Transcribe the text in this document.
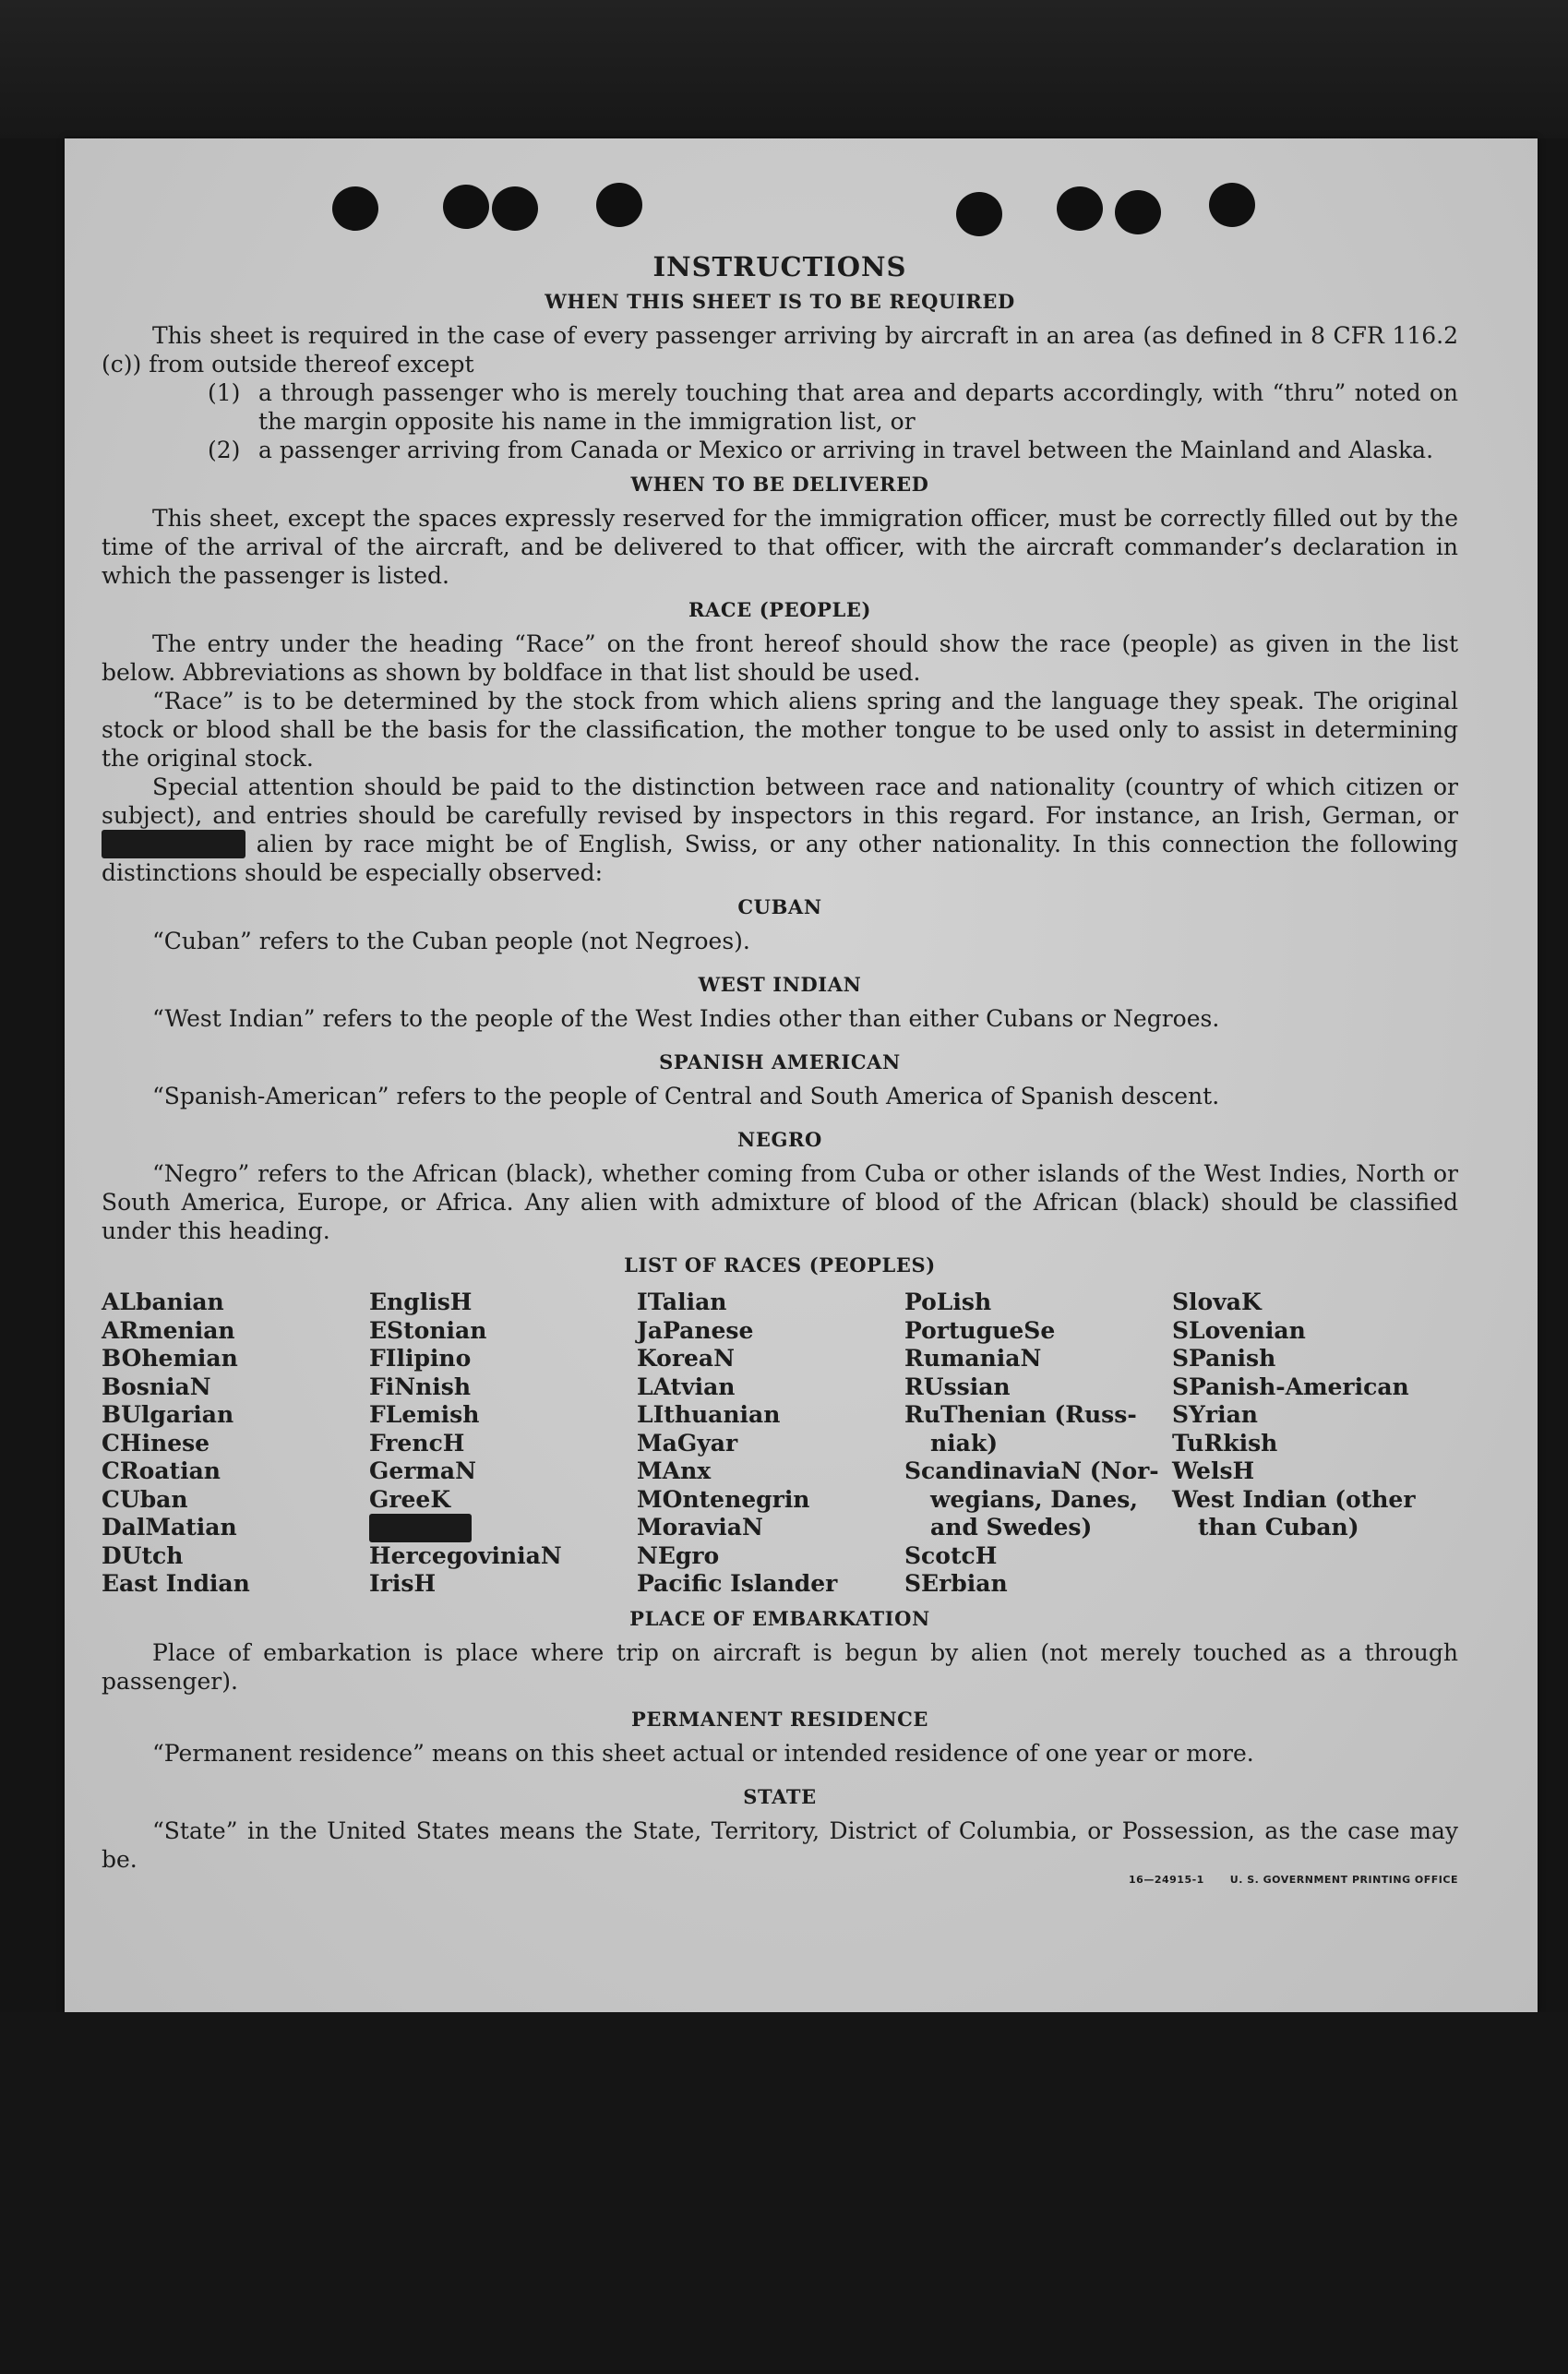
INSTRUCTIONS
WHEN THIS SHEET IS TO BE REQUIRED

This sheet is required in the case of every passenger arriving by aircraft in an area (as defined in 8 CFR 116.2 (c)) from outside thereof except

(1) a through passenger who is merely touching that area and departs accordingly, with “thru” noted on the margin opposite his name in the immigration list, or
(2) a passenger arriving from Canada or Mexico or arriving in travel between the Mainland and Alaska.
WHEN TO BE DELIVERED

This sheet, except the spaces expressly reserved for the immigration officer, must be correctly filled out by the time of the arrival of the aircraft, and be delivered to that officer, with the aircraft commander’s declaration in which the passenger is listed.

RACE (PEOPLE)

The entry under the heading “Race” on the front hereof should show the race (people) as given in the list below. Abbreviations as shown by boldface in that list should be used.

“Race” is to be determined by the stock from which aliens spring and the language they speak. The original stock or blood shall be the basis for the classification, the mother tongue to be used only to assist in determining the original stock.

Special attention should be paid to the distinction between race and nationality (country of which citizen or subject), and entries should be carefully revised by inspectors in this regard. For instance, an Irish, German, or  alien by race might be of English, Swiss, or any other nationality. In this connection the following distinctions should be especially observed:

CUBAN

“Cuban” refers to the Cuban people (not Negroes).

WEST INDIAN

“West Indian” refers to the people of the West Indies other than either Cubans or Negroes.

SPANISH AMERICAN

“Spanish-American” refers to the people of Central and South America of Spanish descent.

NEGRO

“Negro” refers to the African (black), whether coming from Cuba or other islands of the West Indies, North or South America, Europe, or Africa. Any alien with admixture of blood of the African (black) should be classified under this heading.

LIST OF RACES (PEOPLES)

ALbanian

ARmenian

BOhemian

BosniaN

BUlgarian

CHinese

CRoatian

CUban

DalMatian

DUtch

East Indian

EnglisH

EStonian

FIlipino

FiNnish

FLemish

FrencH

GermaN

GreeK

HercegoviniaN

IrisH

ITalian

JaPanese

KoreaN

LAtvian

LIthuanian

MaGyar

MAnx

MOntenegrin

MoraviaN

NEgro

Pacific Islander

PoLish

PortugueSe

RumaniaN

RUssian

RuThenian (Russ-

niak)

ScandinaviaN (Nor-

wegians, Danes,

and Swedes)

ScotcH

SErbian

SlovaK

SLovenian

SPanish

SPanish-American

SYrian

TuRkish

WelsH

West Indian (other

than Cuban)

PLACE OF EMBARKATION

Place of embarkation is place where trip on aircraft is begun by alien (not merely touched as a through passenger).

PERMANENT RESIDENCE

“Permanent residence” means on this sheet actual or intended residence of one year or more.

STATE

“State” in the United States means the State, Territory, District of Columbia, or Possession, as the case may be.

16—24915-1	U. S. GOVERNMENT PRINTING OFFICE
